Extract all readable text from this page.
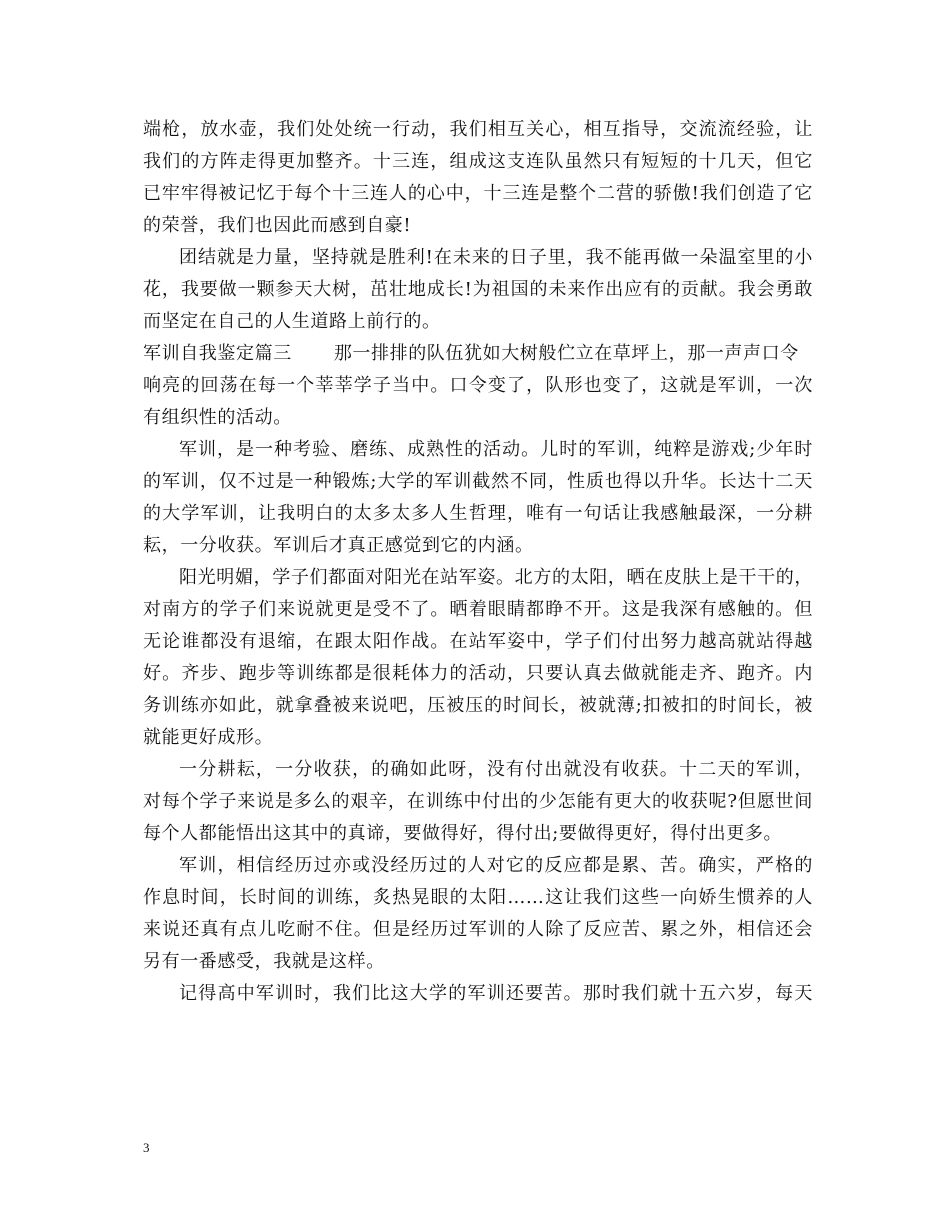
端枪，放水壶，我们处处统一行动，我们相互关心，相互指导，交流流经验，让
我们的方阵走得更加整齐。十三连，组成这支连队虽然只有短短的十几天，但它
已牢牢得被记忆于每个十三连人的心中，十三连是整个二营的骄傲!我们创造了它
的荣誉，我们也因此而感到自豪!
团结就是力量，坚持就是胜利!在未来的日子里，我不能再做一朵温室里的小
花，我要做一颗参天大树，茁壮地成长!为祖国的未来作出应有的贡献。我会勇敢
而坚定在自己的人生道路上前行的。
军训自我鉴定篇三 那一排排的队伍犹如大树般伫立在草坪上，那一声声口令
响亮的回荡在每一个莘莘学子当中。口令变了，队形也变了，这就是军训，一次
有组织性的活动。
军训，是一种考验、磨练、成熟性的活动。儿时的军训，纯粹是游戏;少年时
的军训，仅不过是一种锻炼;大学的军训截然不同，性质也得以升华。长达十二天
的大学军训，让我明白的太多太多人生哲理，唯有一句话让我感触最深，一分耕
耘，一分收获。军训后才真正感觉到它的内涵。
阳光明媚，学子们都面对阳光在站军姿。北方的太阳，晒在皮肤上是干干的，
对南方的学子们来说就更是受不了。晒着眼睛都睁不开。这是我深有感触的。但
无论谁都没有退缩，在跟太阳作战。在站军姿中，学子们付出努力越高就站得越
好。齐步、跑步等训练都是很耗体力的活动，只要认真去做就能走齐、跑齐。内
务训练亦如此，就拿叠被来说吧，压被压的时间长，被就薄;扣被扣的时间长，被
就能更好成形。
一分耕耘，一分收获，的确如此呀，没有付出就没有收获。十二天的军训，
对每个学子来说是多么的艰辛，在训练中付出的少怎能有更大的收获呢?但愿世间
每个人都能悟出这其中的真谛，要做得好，得付出;要做得更好，得付出更多。
军训，相信经历过亦或没经历过的人对它的反应都是累、苦。确实，严格的
作息时间，长时间的训练，炙热晃眼的太阳……这让我们这些一向娇生惯养的人
来说还真有点儿吃耐不住。但是经历过军训的人除了反应苦、累之外，相信还会
另有一番感受，我就是这样。
记得高中军训时，我们比这大学的军训还要苦。那时我们就十五六岁，每天
3
